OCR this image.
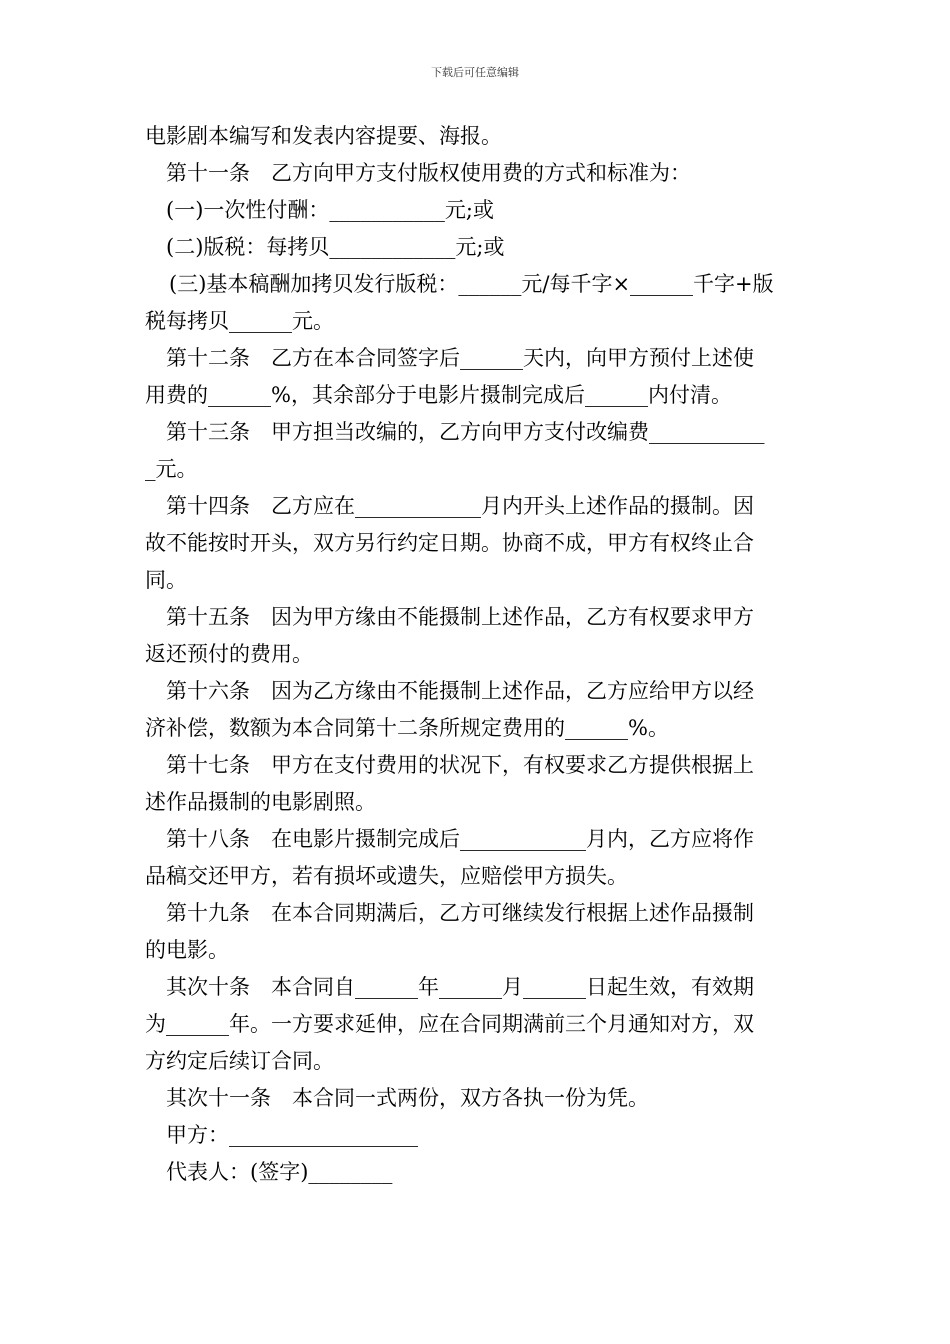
下载后可任意编辑
电影剧本编写和发表内容提要、海报。
第十一条　乙方向甲方支付版权使用费的方式和标准为：
(一)一次性付酬：___________元;或
(二)版税：每拷贝____________元;或
(三)基本稿酬加拷贝发行版税：______元/每千字×______千字+版
税每拷贝______元。
第十二条　乙方在本合同签字后______天内，向甲方预付上述使
用费的______%，其余部分于电影片摄制完成后______内付清。
第十三条　甲方担当改编的，乙方向甲方支付改编费___________
_元。
第十四条　乙方应在____________月内开头上述作品的摄制。因
故不能按时开头，双方另行约定日期。协商不成，甲方有权终止合
同。
第十五条　因为甲方缘由不能摄制上述作品，乙方有权要求甲方
返还预付的费用。
第十六条　因为乙方缘由不能摄制上述作品，乙方应给甲方以经
济补偿，数额为本合同第十二条所规定费用的______%。
第十七条　甲方在支付费用的状况下，有权要求乙方提供根据上
述作品摄制的电影剧照。
第十八条　在电影片摄制完成后____________月内，乙方应将作
品稿交还甲方，若有损坏或遗失，应赔偿甲方损失。
第十九条　在本合同期满后，乙方可继续发行根据上述作品摄制
的电影。
其次十条　本合同自______年______月______日起生效，有效期
为______年。一方要求延伸，应在合同期满前三个月通知对方，双
方约定后续订合同。
其次十一条　本合同一式两份，双方各执一份为凭。
甲方：__________________
代表人：(签字)________
